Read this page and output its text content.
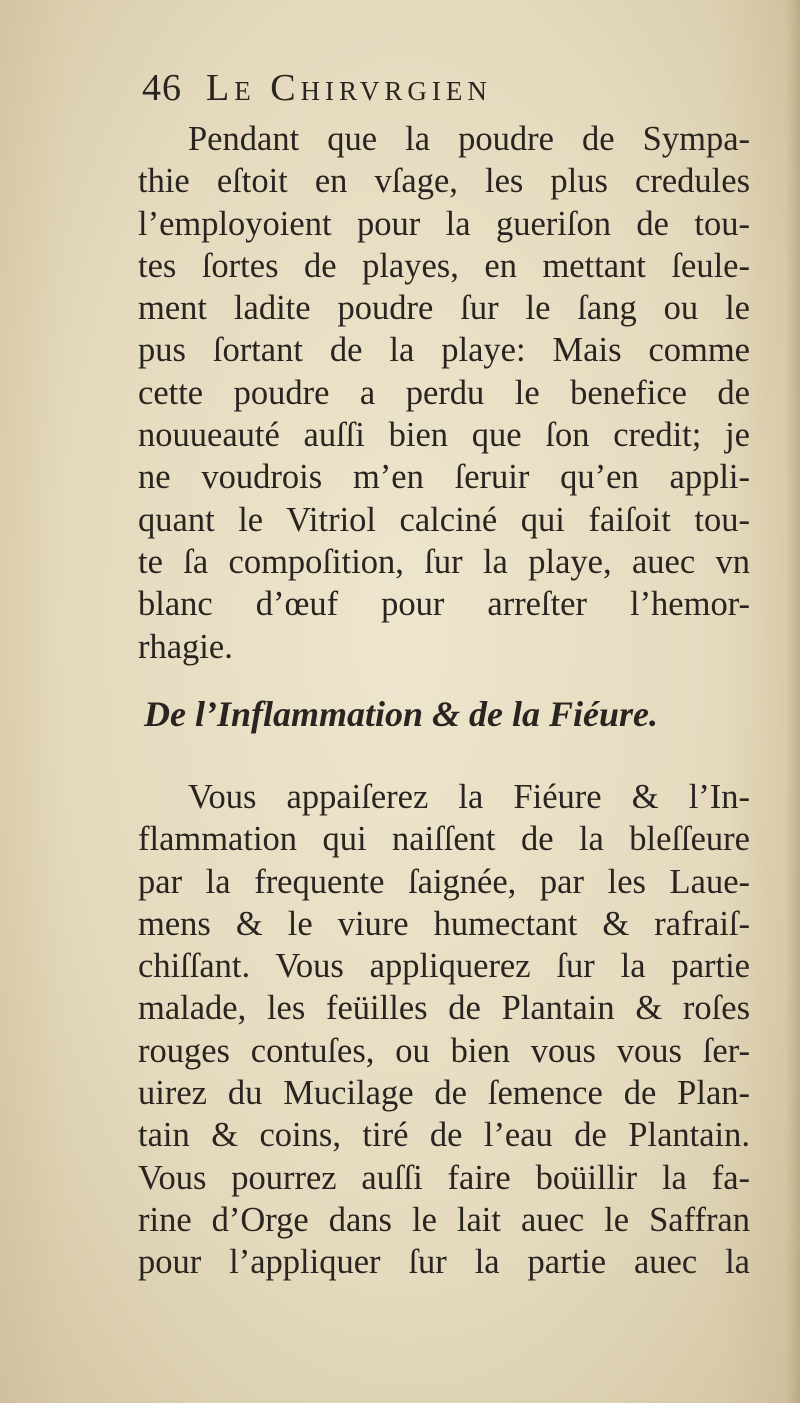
46 Le Chirvrgien
Pendant que la poudre de Sympa-
thie eſtoit en vſage, les plus credules
l’employoient pour la gueriſon de tou-
tes ſortes de playes, en mettant ſeule-
ment ladite poudre ſur le ſang ou le
pus ſortant de la playe: Mais comme
cette poudre a perdu le benefice de
nouueauté auſſi bien que ſon credit; je
ne voudrois m’en ſeruir qu’en appli-
quant le Vitriol calciné qui faiſoit tou-
te ſa compoſition, ſur la playe, auec vn
blanc d’œuf pour arreſter l’hemor-
rhagie.
De l’Inflammation & de la Fiéure.
Vous appaiſerez la Fiéure & l’In-
flammation qui naiſſent de la bleſſeure
par la frequente ſaignée, par les Laue-
mens & le viure humectant & rafraiſ-
chiſſant. Vous appliquerez ſur la partie
malade, les feüilles de Plantain & roſes
rouges contuſes, ou bien vous vous ſer-
uirez du Mucilage de ſemence de Plan-
tain & coins, tiré de l’eau de Plantain.
Vous pourrez auſſi faire boüillir la fa-
rine d’Orge dans le lait auec le Saffran
pour l’appliquer ſur la partie auec la
